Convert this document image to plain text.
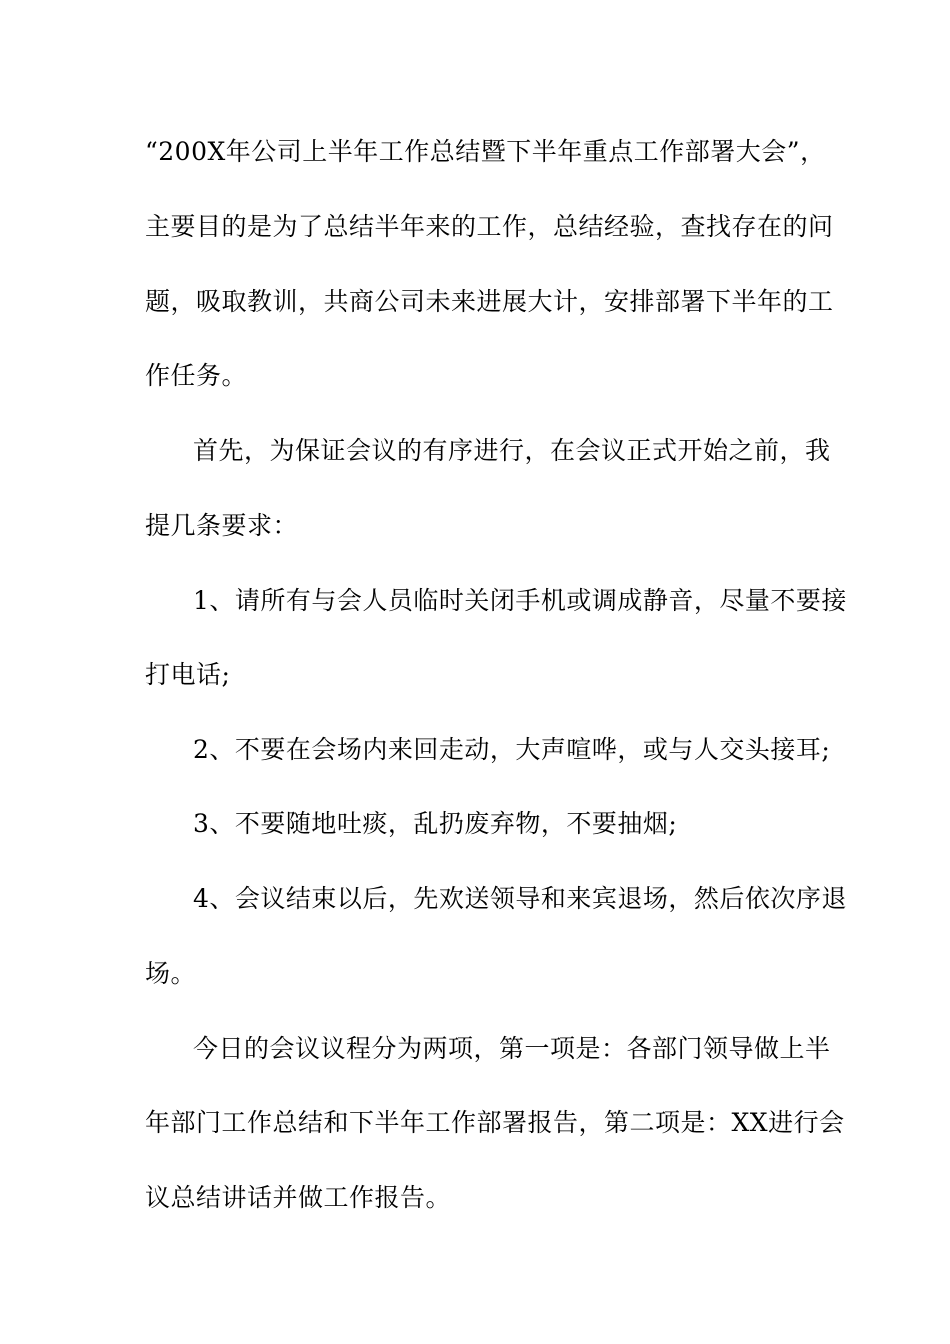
“200X年公司上半年工作总结暨下半年重点工作部署大会”，
主要目的是为了总结半年来的工作，总结经验，查找存在的问
题，吸取教训，共商公司未来进展大计，安排部署下半年的工
作任务。
首先，为保证会议的有序进行，在会议正式开始之前，我
提几条要求：
1、请所有与会人员临时关闭手机或调成静音，尽量不要接
打电话;
2、不要在会场内来回走动，大声喧哗，或与人交头接耳;
3、不要随地吐痰，乱扔废弃物，不要抽烟;
4、会议结束以后，先欢送领导和来宾退场，然后依次序退
场。
今日的会议议程分为两项，第一项是：各部门领导做上半
年部门工作总结和下半年工作部署报告，第二项是：XX进行会
议总结讲话并做工作报告。
